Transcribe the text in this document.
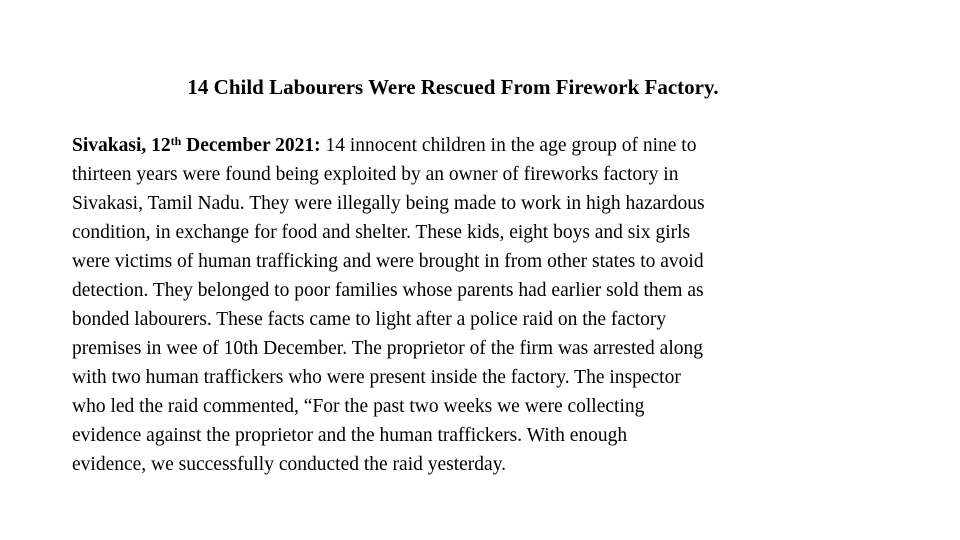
14 Child Labourers Were Rescued From Firework Factory.
Sivakasi, 12th December 2021: 14 innocent children in the age group of nine to
thirteen years were found being exploited by an owner of fireworks factory in
Sivakasi, Tamil Nadu. They were illegally being made to work in high hazardous
condition, in exchange for food and shelter. These kids, eight boys and six girls
were victims of human trafficking and were brought in from other states to avoid
detection. They belonged to poor families whose parents had earlier sold them as
bonded labourers. These facts came to light after a police raid on the factory
premises in wee of 10th December. The proprietor of the firm was arrested along
with two human traffickers who were present inside the factory. The inspector
who led the raid commented, “For the past two weeks we were collecting
evidence against the proprietor and the human traffickers. With enough
evidence, we successfully conducted the raid yesterday.
